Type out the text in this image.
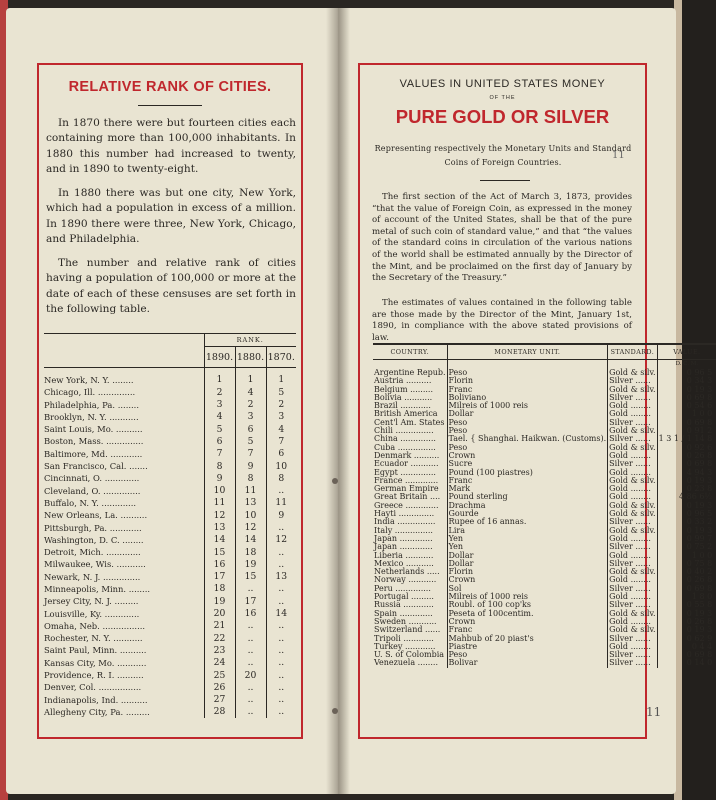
RELATIVE RANK OF CITIES.
In 1870 there were but fourteen cities each containing more than 100,000 inhabitants. In 1880 this number had increased to twenty, and in 1890 to twenty-eight.
In 1880 there was but one city, New York, which had a population in excess of a million. In 1890 there were three, New York, Chicago, and Philadelphia.
The number and relative rank of cities having a population of 100,000 or more at the date of each of these censuses are set forth in the following table.
	RANK.		
	1890.	1880.	1870.

New York, N. Y. ........	1	1	1
Chicago, Ill. ..............	2	4	5
Philadelphia, Pa. ........	3	2	2
Brooklyn, N. Y. ...........	4	3	3
Saint Louis, Mo. ..........	5	6	4
Boston, Mass. ..............	6	5	7
Baltimore, Md. ............	7	7	6
San Francisco, Cal. .......	8	9	10
Cincinnati, O. .............	9	8	8
Cleveland, O. ..............	10	11	..
Buffalo, N. Y. .............	11	13	11
New Orleans, La. ..........	12	10	9
Pittsburgh, Pa. ............	13	12	..
Washington, D. C. ........	14	14	12
Detroit, Mich. .............	15	18	..
Milwaukee, Wis. ...........	16	19	..
Newark, N. J. ..............	17	15	13
Minneapolis, Minn. ........	18	..	..
Jersey City, N. J. .........	19	17	..
Louisville, Ky. .............	20	16	14
Omaha, Neb. ................	21	..	..
Rochester, N. Y. ...........	22	..	..
Saint Paul, Minn. ..........	23	..	..
Kansas City, Mo. ...........	24	..	..
Providence, R. I. ..........	25	20	..
Denver, Col. ................	26	..	..
Indianapolis, Ind. ..........	27	..	..
Allegheny City, Pa. .........	28	..	..
VALUES IN UNITED STATES MONEY
OF THE
PURE GOLD OR SILVER
Representing respectively the Monetary Units and Standard Coins of Foreign Countries.
11
The first section of the Act of March 3, 1873, provides “that the value of Foreign Coin, as expressed in the money of account of the United States, shall be that of the pure metal of such coin of standard value,” and that “the values of the standard coins in circulation of the various nations of the world shall be estimated annually by the Director of the Mint, and be proclaimed on the first day of January by the Secretary of the Treasury.”
The estimates of values contained in the following table are those made by the Director of the Mint, January 1st, 1890, in compliance with the above stated provisions of law.
COUNTRY.	MONETARY UNIT.	STANDARD.	VALUE.
			D. C. M.
Argentine Repub.	Peso	Gold & silv.	0 96 5
Austria ..........	Florin	Silver ......	0 34 3
Belgium .........	Franc	Gold & silv.	0 19 3
Bolivia ...........	Boliviano	Silver ......	0 69 8
Brazil ............	Milreis of 1000 reis	Gold ........	0 54 6
British America	Dollar	Gold ........	1 0 0
Cent'l Am. States	Peso	Silver ......	0 69 8
Chili ...............	Peso	Gold & silv.	0 91 2
China ..............	Tael. { Shanghai. Haikwan. (Customs).	Silver ......	1 3 1 / 1 14 8
Cuba ...............	Peso	Gold & silv.	0 92 6
Denmark ..........	Crown	Gold ........	0 26 8
Ecuador ...........	Sucre	Silver ......	0 69 8
Egypt ..............	Pound (100 piastres)	Gold ........	4 94 3
France .............	Franc	Gold & silv.	0 19 3
German Empire	Mark	Gold ........	0 23 8
Great Britain ....	Pound sterling	Gold ........	4 86 6½
Greece .............	Drachma	Gold & silv.	0 19 3
Hayti ..............	Gourde	Gold & silv.	0 96 5
India ...............	Rupee of 16 annas.	Silver ......	0 33 2
Italy ...............	Lira	Gold & silv.	0 19 3
Japan .............	Yen	Gold ........	0 99 7
Japan .............	Yen	Silver ......	0 75 2
Liberia ...........	Dollar	Gold ........	1 0 0
Mexico ...........	Dollar	Silver ......	0 75 8
Netherlands .....	Florin	Gold & silv.	0 40 2
Norway ...........	Crown	Gold ........	0 26 8
Peru ..............	Sol	Silver ......	0 69 8
Portugal .........	Milreis of 1000 reis	Gold ........	1 8 0
Russia ............	Roubl. of 100 cop'ks	Silver ......	0 55 8
Spain .............	Peseta of 100centim.	Gold & silv.	0 19 3
Sweden ...........	Crown	Gold ........	0 26 8
Switzerland ......	Franc	Gold & silv.	0 19 3
Tripoli ............	Mahbub of 20 piast's	Silver ......	0 62 9
Turkey ............	Piastre	Gold ........	0 4 4
U. S. of Colombia	Peso	Silver ......	0 69 8
Venezuela ........	Bolivar	Silver ......	0 14 0
11
